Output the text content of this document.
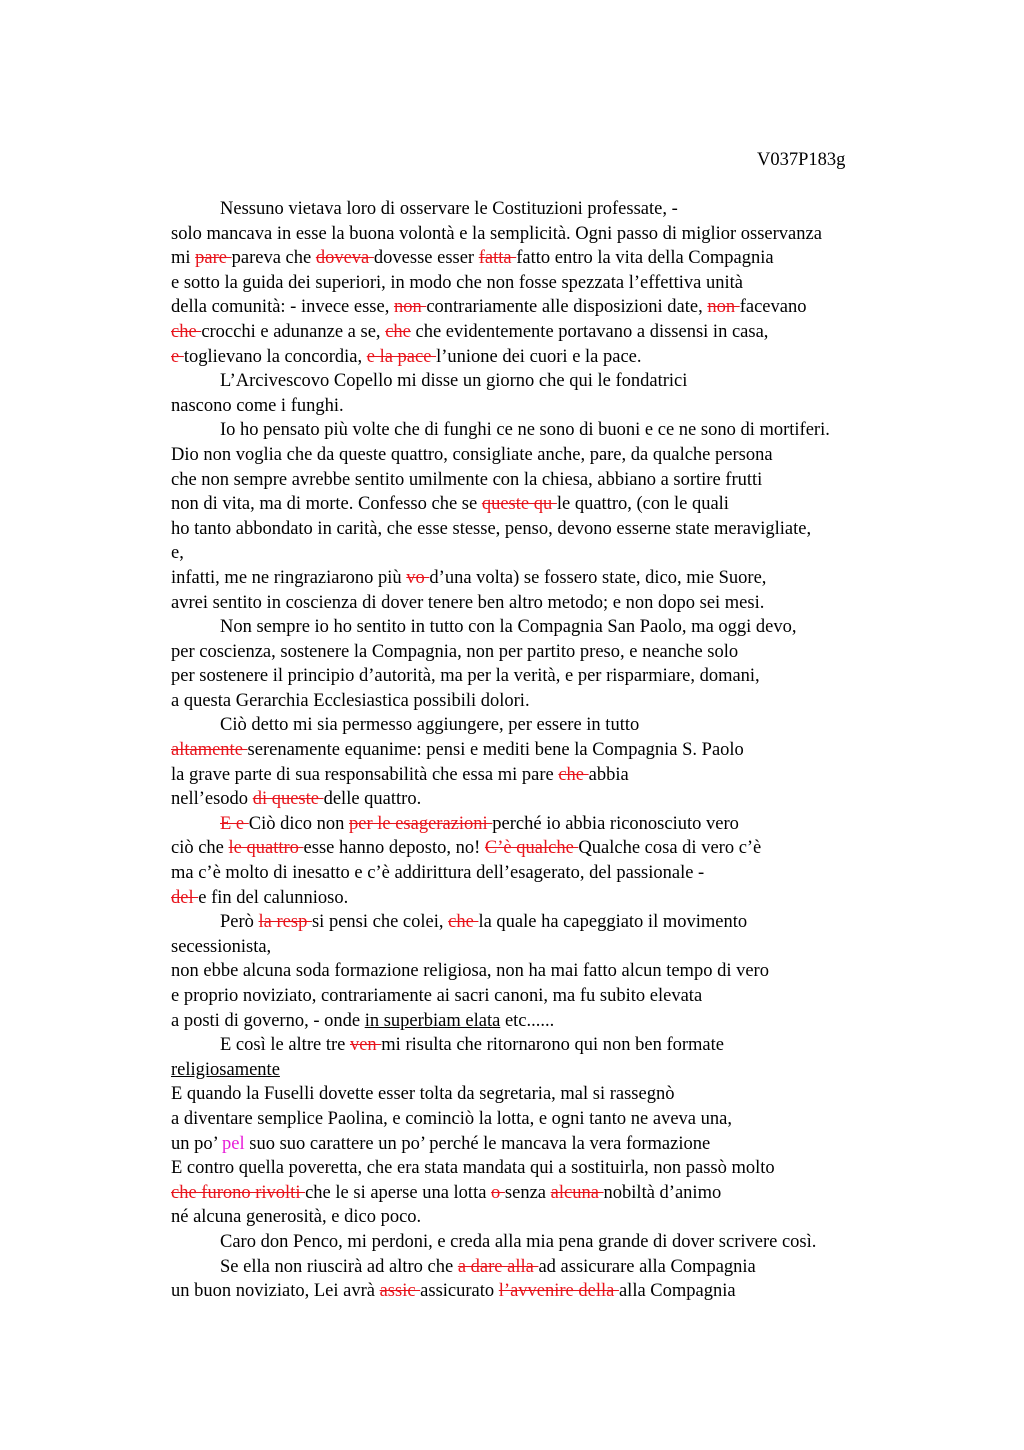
V037P183g
Nessuno vietava loro di osservare le Costituzioni professate, -
solo mancava in esse la buona volontà e la semplicità. Ogni passo di miglior osservanza
mi pare pareva che doveva dovesse esser fatta fatto entro la vita della Compagnia
e sotto la guida dei superiori, in modo che non fosse spezzata l’effettiva unità
della comunità: - invece esse, non contrariamente alle disposizioni date, non facevano
che crocchi e adunanze a se, che che evidentemente portavano a dissensi in casa,
e toglievano la concordia, e la pace l’unione dei cuori e la pace.
L’Arcivescovo Copello mi disse un giorno che qui le fondatrici
nascono come i funghi.
Io ho pensato più volte che di funghi ce ne sono di buoni e ce ne sono di mortiferi.
Dio non voglia che da queste quattro, consigliate anche, pare, da qualche persona
che non sempre avrebbe sentito umilmente con la chiesa, abbiano a sortire frutti
non di vita, ma di morte. Confesso che se queste qu le quattro, (con le quali
ho tanto abbondato in carità, che esse stesse, penso, devono esserne state meravigliate,
e,
infatti, me ne ringraziarono più vo d’una volta) se fossero state, dico, mie Suore,
avrei sentito in coscienza di dover tenere ben altro metodo; e non dopo sei mesi.
Non sempre io ho sentito in tutto con la Compagnia San Paolo, ma oggi devo,
per coscienza, sostenere la Compagnia, non per partito preso, e neanche solo
per sostenere il principio d’autorità, ma per la verità, e per risparmiare, domani,
a questa Gerarchia Ecclesiastica possibili dolori.
Ciò detto mi sia permesso aggiungere, per essere in tutto
altamente serenamente equanime: pensi e mediti bene la Compagnia S. Paolo
la grave parte di sua responsabilità che essa mi pare che abbia
nell’esodo di queste delle quattro.
E e Ciò dico non per le esagerazioni perché io abbia riconosciuto vero
ciò che le quattro esse hanno deposto, no! C’è qualche Qualche cosa di vero c’è
ma c’è molto di inesatto e c’è addirittura dell’esagerato, del passionale -
del e fin del calunnioso.
Però la resp si pensi che colei, che la quale ha capeggiato il movimento
secessionista,
non ebbe alcuna soda formazione religiosa, non ha mai fatto alcun tempo di vero
e proprio noviziato, contrariamente ai sacri canoni, ma fu subito elevata
a posti di governo, - onde in superbiam elata etc......
E così le altre tre ven mi risulta che ritornarono qui non ben formate
religiosamente
E quando la Fuselli dovette esser tolta da segretaria, mal si rassegnò
a diventare semplice Paolina, e cominciò la lotta, e ogni tanto ne aveva una,
un po’ pel suo suo carattere un po’ perché le mancava la vera formazione
E contro quella poveretta, che era stata mandata qui a sostituirla, non passò molto
che furono rivolti che le si aperse una lotta o senza alcuna nobiltà d’animo
né alcuna generosità, e dico poco.
Caro don Penco, mi perdoni, e creda alla mia pena grande di dover scrivere così.
Se ella non riuscirà ad altro che a dare alla ad assicurare alla Compagnia
un buon noviziato, Lei avrà assic assicurato l’avvenire della alla Compagnia
